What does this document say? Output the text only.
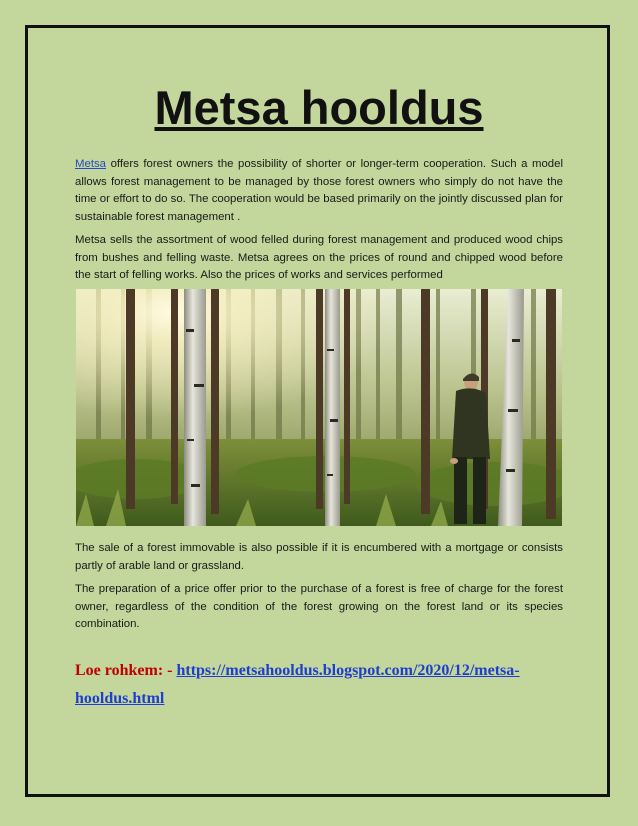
Metsa hooldus

Metsa offers forest owners the possibility of shorter or longer-term cooperation. Such a model allows forest management to be managed by those forest owners who simply do not have the time or effort to do so. The cooperation would be based primarily on the jointly discussed plan for sustainable forest management .

Metsa sells the assortment of wood felled during forest management and produced wood chips from bushes and felling waste. Metsa agrees on the prices of round and chipped wood before the start of felling works. Also the prices of works and services performed

The sale of a forest immovable is also possible if it is encumbered with a mortgage or consists partly of arable land or grassland.

The preparation of a price offer prior to the purchase of a forest is free of charge for the forest owner, regardless of the condition of the forest growing on the forest land or its species combination.

Loe rohkem: - https://metsahooldus.blogspot.com/2020/12/metsa-hooldus.html
